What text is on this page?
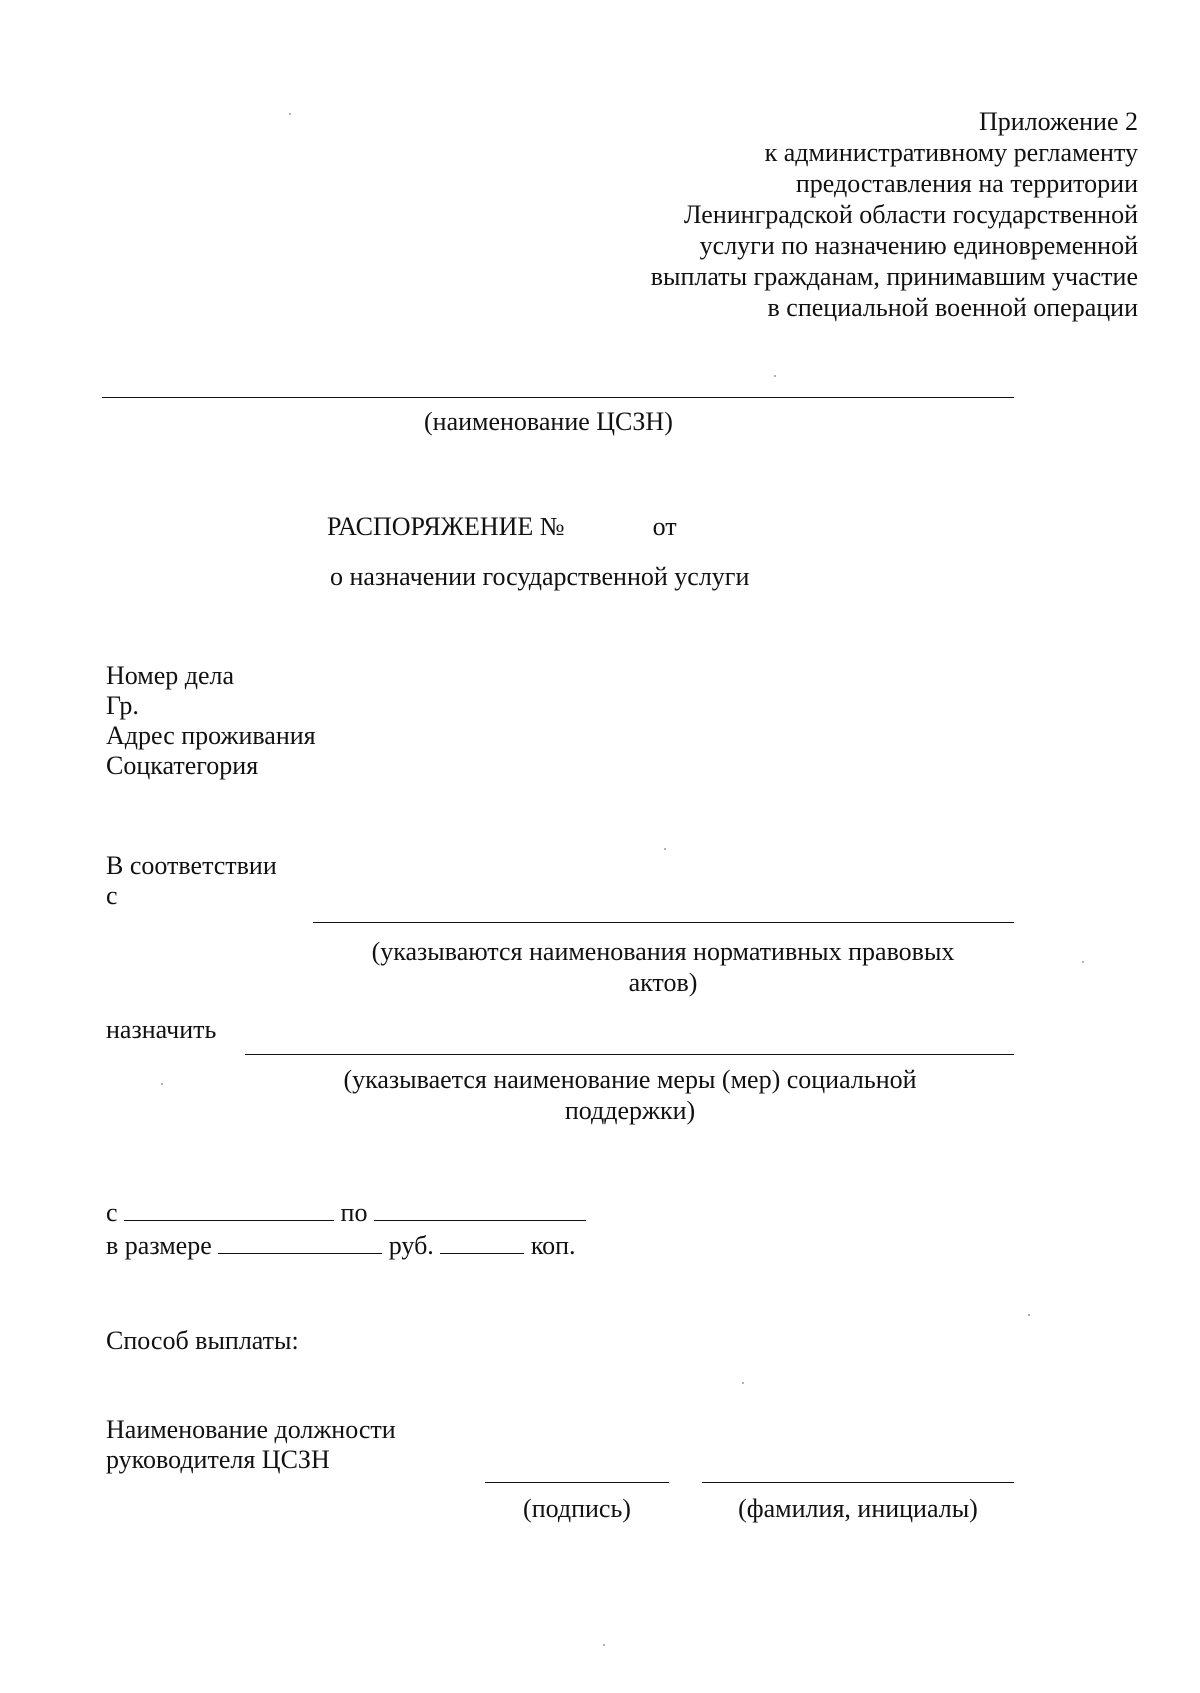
Приложение 2
к административному регламенту
предоставления на территории
Ленинградской области государственной
услуги по назначению единовременной
выплаты гражданам, принимавшим участие
в специальной военной операции
(наименование ЦСЗН)
РАСПОРЯЖЕНИЕ №	от
о назначении государственной услуги
Номер дела
Гр.
Адрес проживания
Соцкатегория
В соответствии
с
(указываются наименования нормативных правовых
актов)
назначить
(указывается наименование меры (мер) социальной
поддержки)
с	по
в размере	руб.	коп.
Способ выплаты:
Наименование должности
руководителя ЦСЗН
(подпись)	(фамилия, инициалы)
